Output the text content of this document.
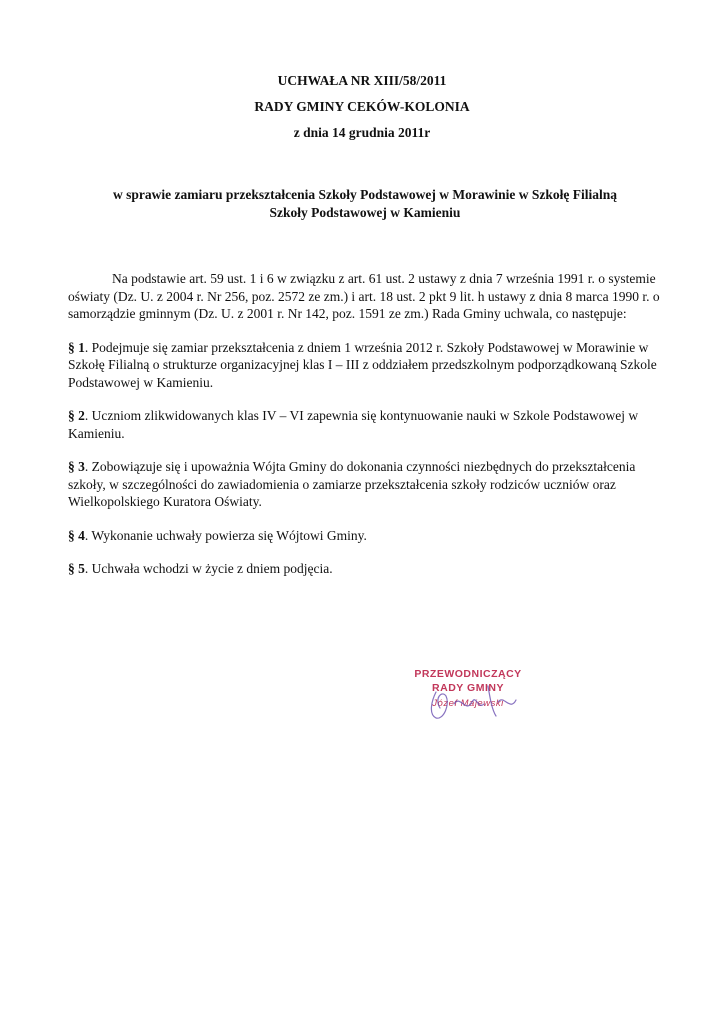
UCHWAŁA NR XIII/58/2011
RADY GMINY CEKÓW-KOLONIA
z dnia 14 grudnia 2011r
w sprawie zamiaru przekształcenia Szkoły Podstawowej w Morawinie w Szkołę Filialną
Szkoły Podstawowej w Kamieniu

Na podstawie art. 59 ust. 1 i 6 w związku z art. 61 ust. 2 ustawy z dnia 7 września 1991 r. o systemie oświaty (Dz. U. z 2004 r. Nr 256, poz. 2572 ze zm.) i art. 18 ust. 2 pkt 9 lit. h ustawy z dnia 8 marca 1990 r. o samorządzie gminnym (Dz. U. z 2001 r. Nr 142, poz. 1591 ze zm.) Rada Gminy uchwala, co następuje:

§ 1. Podejmuje się zamiar przekształcenia z dniem 1 września 2012 r. Szkoły Podstawowej w Morawinie w Szkołę Filialną o strukturze organizacyjnej klas I – III z oddziałem przedszkolnym podporządkowaną Szkole Podstawowej w Kamieniu.

§ 2. Uczniom zlikwidowanych klas IV – VI zapewnia się kontynuowanie nauki w Szkole Podstawowej w Kamieniu.

§ 3. Zobowiązuje się i upoważnia Wójta Gminy do dokonania czynności niezbędnych do przekształcenia szkoły, w szczególności do zawiadomienia o zamiarze przekształcenia szkoły rodziców uczniów oraz Wielkopolskiego Kuratora Oświaty.

§ 4. Wykonanie uchwały powierza się Wójtowi Gminy.

§ 5. Uchwała wchodzi w życie z dniem podjęcia.

PRZEWODNICZĄCY
RADY GMINY
Józef Majewski
